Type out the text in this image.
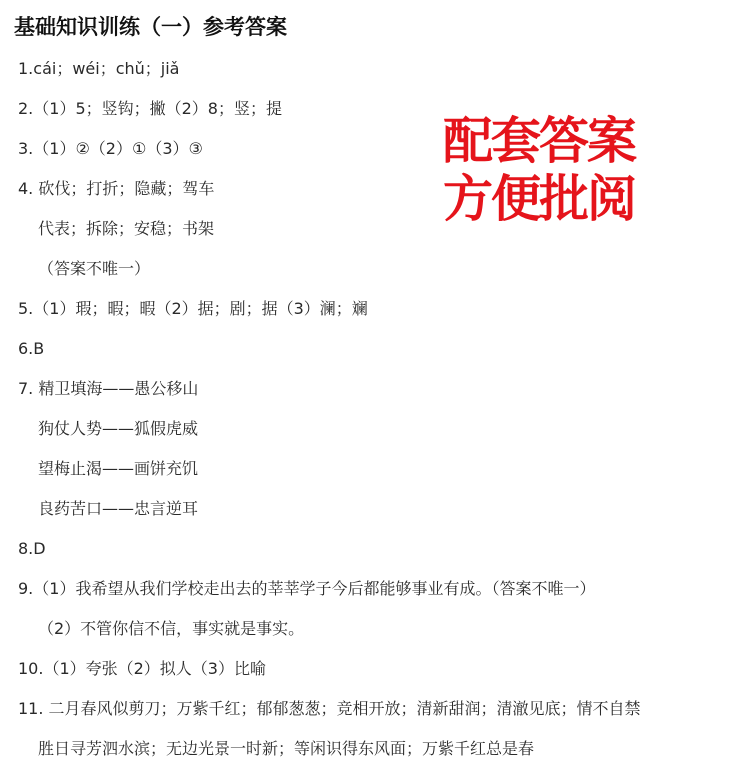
基础知识训练（一）参考答案
1.cái；wéi；chǔ；jiǎ
2.（1）5；竖钩；撇（2）8；竖；提
3.（1）②（2）①（3）③
4. 砍伐；打折；隐藏；驾车
代表；拆除；安稳；书架
（答案不唯一）
5.（1）瑕；暇；暇（2）据；剧；据（3）澜；斓
6.B
7. 精卫填海——愚公移山
狗仗人势——狐假虎威
望梅止渴——画饼充饥
良药苦口——忠言逆耳
8.D
9.（1）我希望从我们学校走出去的莘莘学子今后都能够事业有成。（答案不唯一）
（2）不管你信不信，事实就是事实。
10.（1）夸张（2）拟人（3）比喻
11. 二月春风似剪刀；万紫千红；郁郁葱葱；竞相开放；清新甜润；清澈见底；情不自禁
胜日寻芳泗水滨；无边光景一时新；等闲识得东风面；万紫千红总是春
配套答案
方便批阅
